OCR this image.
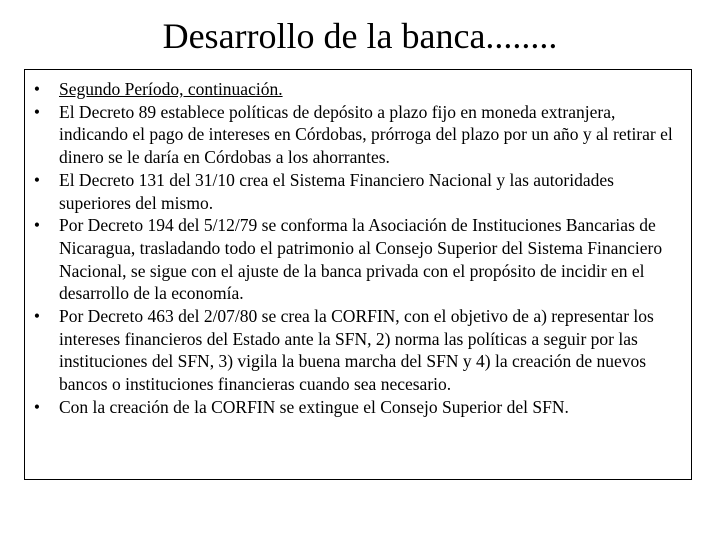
Desarrollo de la banca........
• Segundo Período, continuación.
• El Decreto 89 establece políticas de depósito a plazo fijo en moneda extranjera, indicando el pago de intereses en Córdobas, prórroga del plazo por un año y al retirar el dinero se le daría en Córdobas a los ahorrantes.
• El Decreto 131 del 31/10 crea el Sistema Financiero Nacional y las autoridades superiores del mismo.
• Por Decreto 194 del 5/12/79 se conforma la Asociación de Instituciones Bancarias de Nicaragua, trasladando todo el patrimonio al Consejo Superior del Sistema Financiero Nacional, se sigue con el ajuste de la banca privada con el propósito de incidir en el desarrollo de la economía.
• Por Decreto 463 del 2/07/80 se crea la CORFIN, con el objetivo de a) representar los intereses financieros del Estado ante la SFN, 2) norma las políticas a seguir por las instituciones del SFN, 3) vigila la buena marcha del SFN y 4) la creación de nuevos bancos o instituciones financieras cuando sea necesario.
• Con la creación de la CORFIN se extingue el Consejo Superior del SFN.
